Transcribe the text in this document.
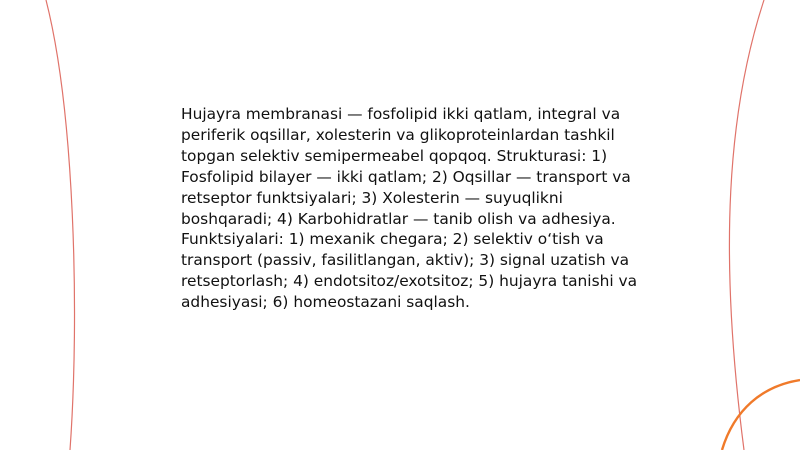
Hujayra membranasi — fosfolipid ikki qatlam, integral va periferik oqsillar, xolesterin va glikoproteinlardan tashkil topgan selektiv semipermeabel qopqoq. Strukturasi: 1) Fosfolipid bilayer — ikki qatlam; 2) Oqsillar — transport va retseptor funktsiyalari; 3) Xolesterin — suyuqlikni boshqaradi; 4) Karbohidratlar — tanib olish va adhesiya. Funktsiyalari: 1) mexanik chegara; 2) selektiv o‘tish va transport (passiv, fasilitlangan, aktiv); 3) signal uzatish va retseptorlash; 4) endotsitoz/exotsitoz; 5) hujayra tanishi va adhesiyasi; 6) homeostazani saqlash.
